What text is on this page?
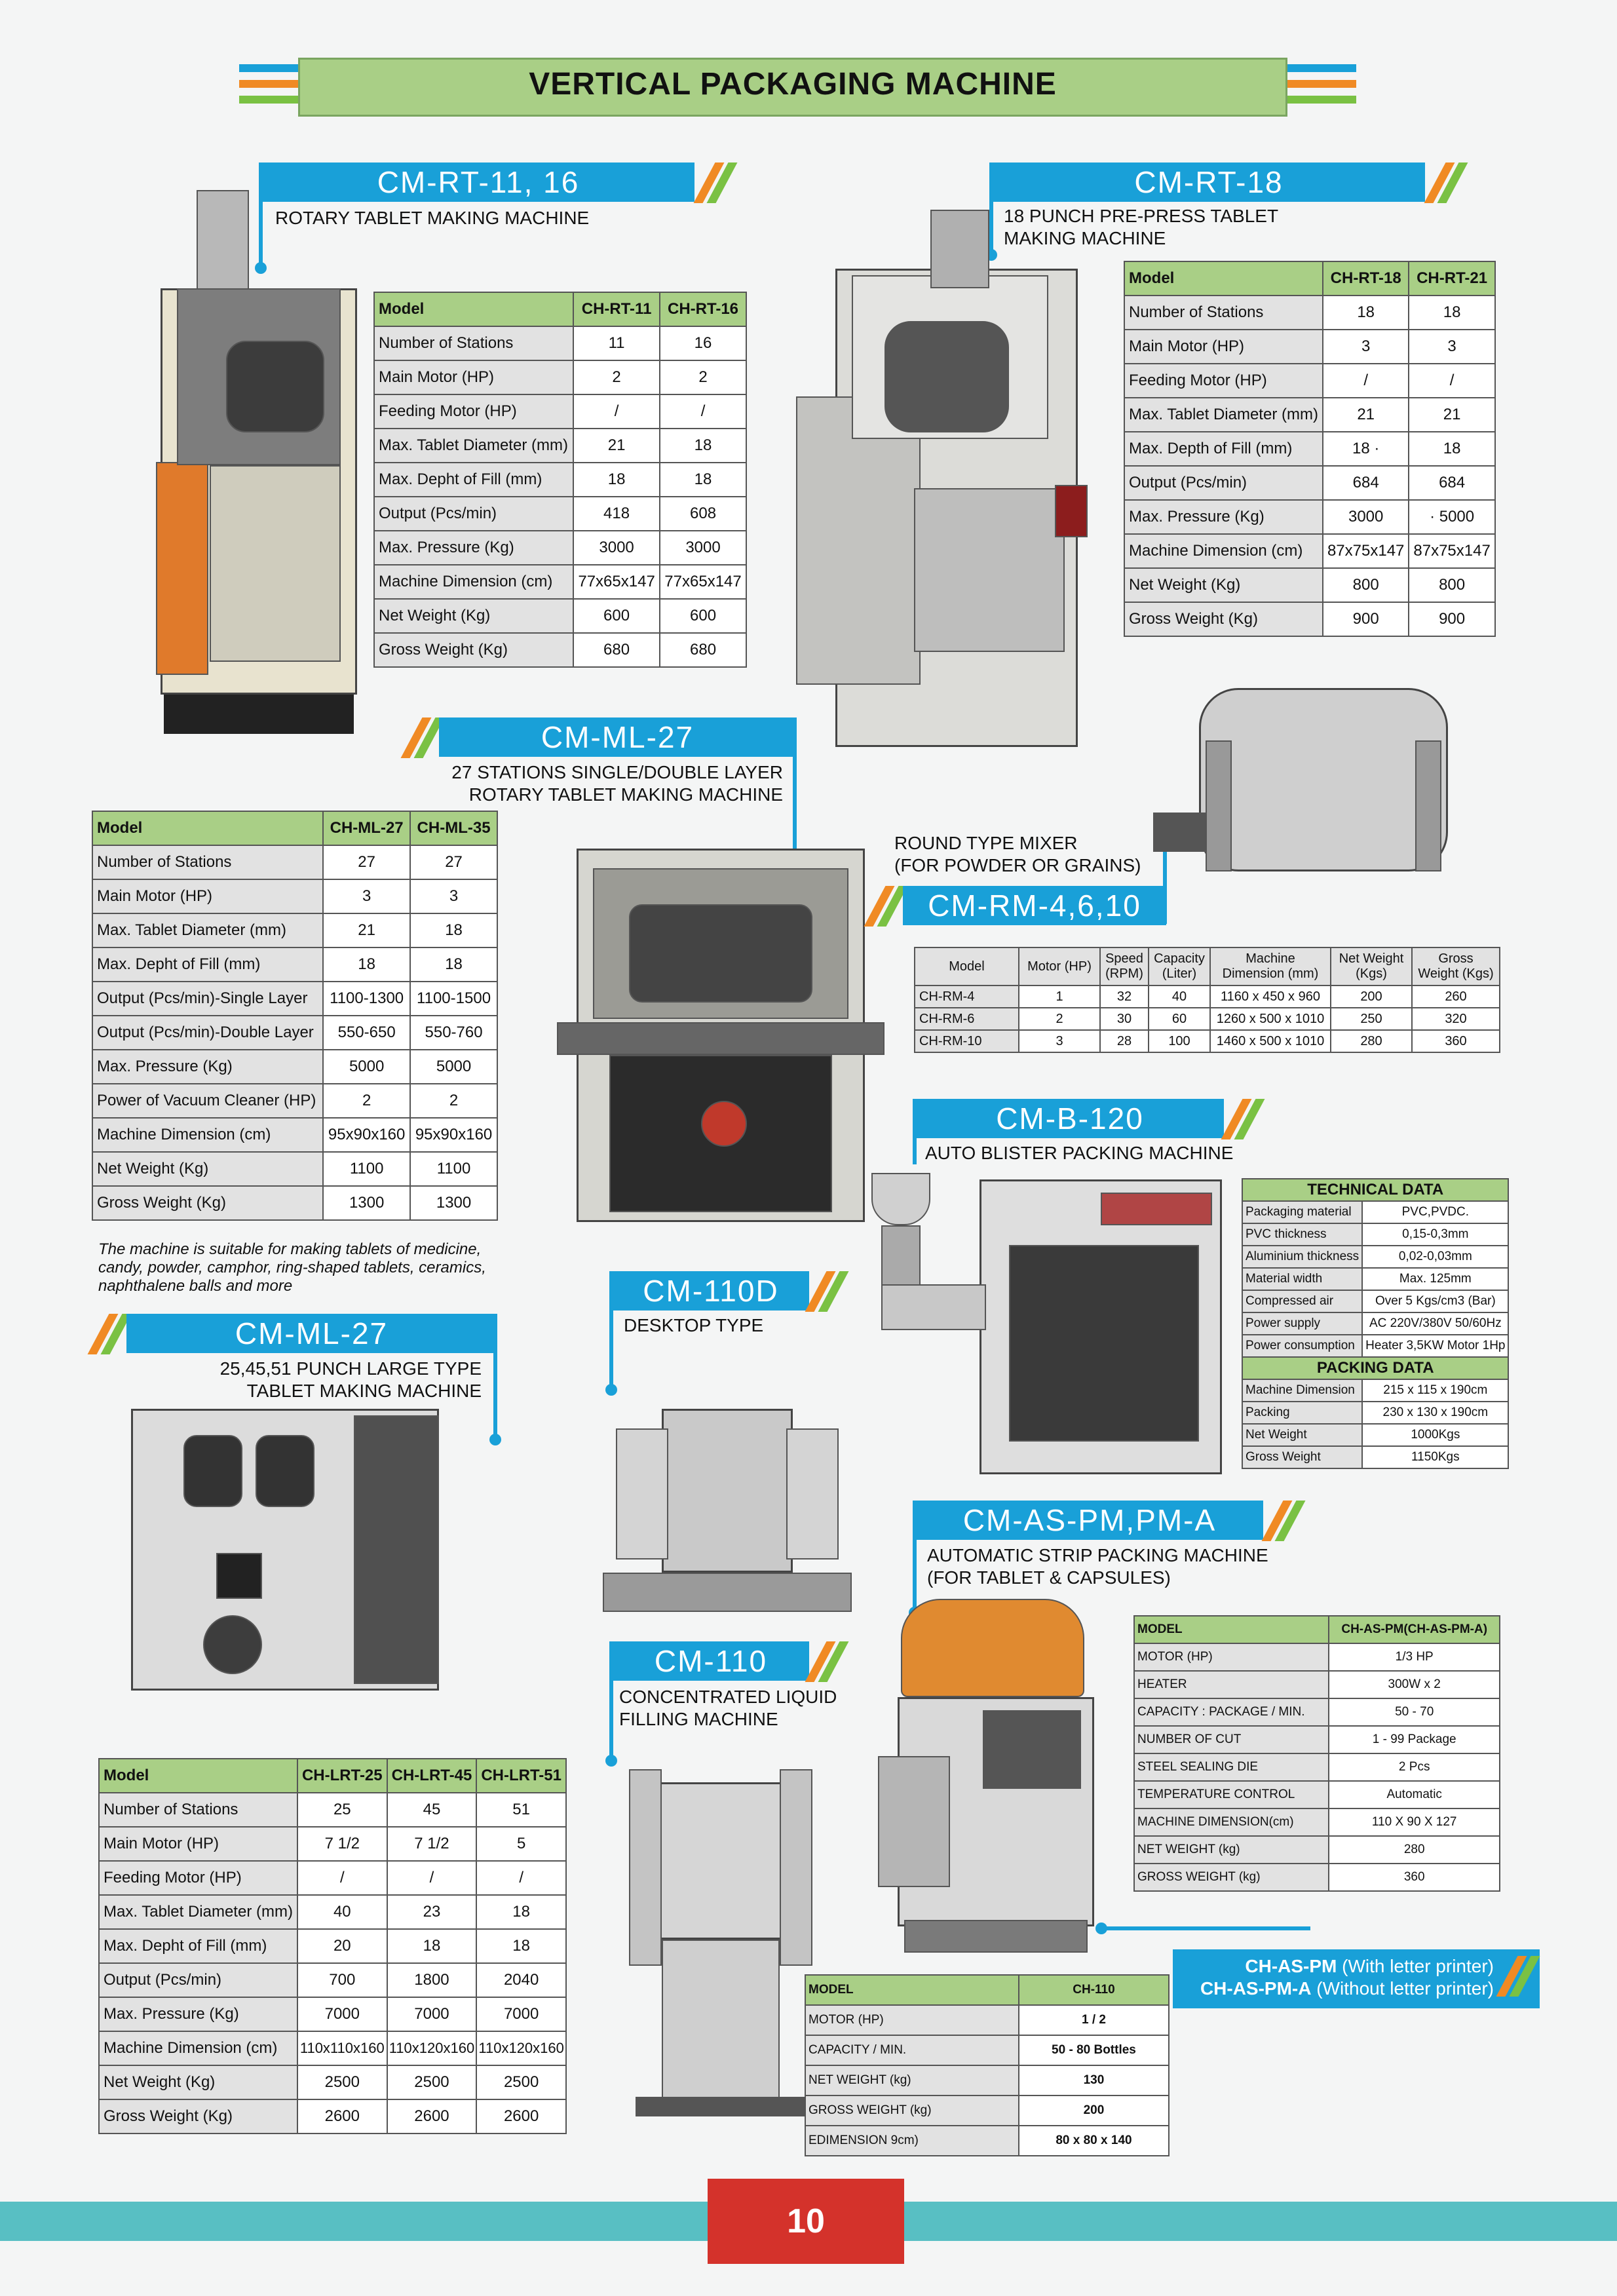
VERTICAL PACKAGING MACHINE
CM-RT-11, 16
ROTARY TABLET MAKING MACHINE
Model	CH-RT-11	CH-RT-16
Number of Stations	11	16
Main Motor (HP)	2	2
Feeding Motor (HP)	/	/
Max. Tablet Diameter (mm)	21	18
Max. Depht of Fill (mm)	18	18
Output (Pcs/min)	418	608
Max. Pressure (Kg)	3000	3000
Machine Dimension (cm)	77x65x147	77x65x147
Net Weight (Kg)	600	600
Gross Weight (Kg)	680	680
CM-RT-18
18 PUNCH PRE-PRESS TABLET
MAKING MACHINE
Model	CH-RT-18	CH-RT-21
Number of Stations	18	18
Main Motor (HP)	3	3
Feeding Motor (HP)	/	/
Max. Tablet Diameter (mm)	21	21
Max. Depth of Fill (mm)	18 ·	18
Output (Pcs/min)	684	684
Max. Pressure (Kg)	3000	· 5000
Machine Dimension (cm)	87x75x147	87x75x147
Net Weight (Kg)	800	800
Gross Weight (Kg)	900	900
CM-ML-27
27 STATIONS SINGLE/DOUBLE LAYER
ROTARY TABLET MAKING MACHINE
Model	CH-ML-27	CH-ML-35
Number of Stations	27	27
Main Motor (HP)	3	3
Max. Tablet Diameter (mm)	21	18
Max. Depht of Fill (mm)	18	18
Output (Pcs/min)-Single Layer	1100-1300	1100-1500
Output (Pcs/min)-Double Layer	550-650	550-760
Max. Pressure (Kg)	5000	5000
Power of Vacuum Cleaner (HP)	2	2
Machine Dimension (cm)	95x90x160	95x90x160
Net Weight (Kg)	1100	1100
Gross Weight (Kg)	1300	1300
The machine is suitable for making tablets of medicine,
candy, powder, camphor, ring-shaped tablets, ceramics,
naphthalene balls and more
ROUND TYPE MIXER
(FOR POWDER OR GRAINS)
CM-RM-4,6,10
Model	Motor (HP)	Speed (RPM)	Capacity (Liter)	Machine Dimension (mm)	Net Weight (Kgs)	Gross Weight (Kgs)
CH-RM-4	1	32	40	1160 x 450 x 960	200	260
CH-RM-6	2	30	60	1260 x 500 x 1010	250	320
CH-RM-10	3	28	100	1460 x 500 x 1010	280	360
CM-B-120
AUTO BLISTER PACKING MACHINE
TECHNICAL DATA	
Packaging material	PVC,PVDC.
PVC thickness	0,15-0,3mm
Aluminium thickness	0,02-0,03mm
Material width	Max. 125mm
Compressed air	Over 5 Kgs/cm3 (Bar)
Power supply	AC 220V/380V 50/60Hz
Power consumption	Heater 3,5KW Motor 1Hp
PACKING DATA	
Machine Dimension	215 x 115 x 190cm
Packing	230 x 130 x 190cm
Net Weight	1000Kgs
Gross Weight	1150Kgs
CM-110D
DESKTOP TYPE
CM-ML-27
25,45,51 PUNCH LARGE TYPE
TABLET MAKING MACHINE
Model	CH-LRT-25	CH-LRT-45	CH-LRT-51
Number of Stations	25	45	51
Main Motor (HP)	7 1/2	7 1/2	5
Feeding Motor (HP)	/	/	/
Max. Tablet Diameter (mm)	40	23	18
Max. Depht of Fill (mm)	20	18	18
Output (Pcs/min)	700	1800	2040
Max. Pressure (Kg)	7000	7000	7000
Machine Dimension (cm)	110x110x160	110x120x160	110x120x160
Net Weight (Kg)	2500	2500	2500
Gross Weight (Kg)	2600	2600	2600
CM-AS-PM,PM-A
AUTOMATIC STRIP PACKING MACHINE
(FOR TABLET & CAPSULES)
MODEL	CH-AS-PM(CH-AS-PM-A)
MOTOR (HP)	1/3 HP
HEATER	300W x 2
CAPACITY : PACKAGE / MIN.	50 - 70
NUMBER OF CUT	1 - 99 Package
STEEL SEALING DIE	2 Pcs
TEMPERATURE CONTROL	Automatic
MACHINE DIMENSION(cm)	110 X 90 X 127
NET WEIGHT (kg)	280
GROSS WEIGHT (kg)	360
CH-AS-PM (With letter printer)
CH-AS-PM-A (Without letter printer)
CM-110
CONCENTRATED LIQUID
FILLING MACHINE
MODEL	CH-110
MOTOR (HP)	1 / 2
CAPACITY / MIN.	50 - 80 Bottles
NET WEIGHT (kg)	130
GROSS WEIGHT (kg)	200
EDIMENSION 9cm)	80 x 80 x 140
10
